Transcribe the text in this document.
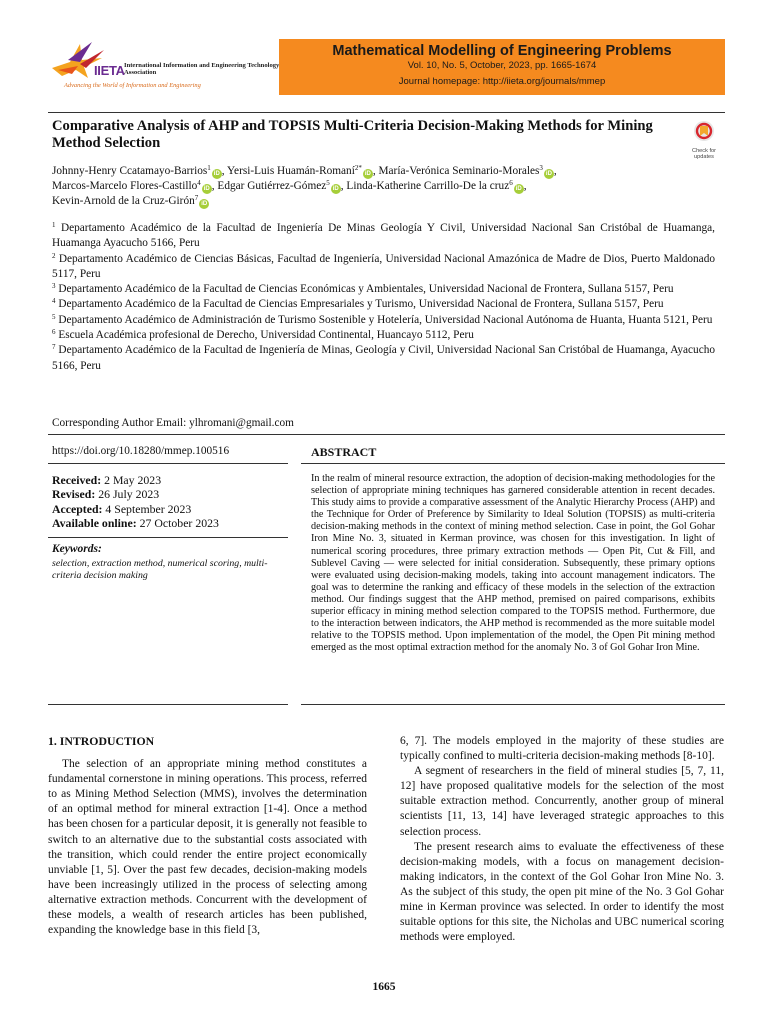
IIETA International Information and Engineering Technology Association
Advancing the World of Information and Engineering
Mathematical Modelling of Engineering Problems
Vol. 10, No. 5, October, 2023, pp. 1665-1674
Journal homepage: http://iieta.org/journals/mmep
Comparative Analysis of AHP and TOPSIS Multi-Criteria Decision-Making Methods for Mining Method Selection	Check for
updates
Johnny-Henry Ccatamayo-Barrios$^1$iD , Yersi-Luis Huamán-Romaní$^{2*}$iD , María-Verónica Seminario-Morales$^3$iD ,
Marcos-Marcelo Flores-Castillo$^4$iD , Edgar Gutiérrez-Gómez$^5$iD , Linda-Katherine Carrillo-De la cruz$^6$iD ,
Kevin-Arnold de la Cruz-Girón$^7$iD
$^1$ Departamento Académico de la Facultad de Ingeniería De Minas Geología Y Civil, Universidad Nacional San Cristóbal de Huamanga, Huamanga Ayacucho 5166, Peru
$^2$ Departamento Académico de Ciencias Básicas, Facultad de Ingeniería, Universidad Nacional Amazónica de Madre de Dios, Puerto Maldonado 5117, Peru
$^3$ Departamento Académico de la Facultad de Ciencias Económicas y Ambientales, Universidad Nacional de Frontera, Sullana 5157, Peru
$^4$ Departamento Académico de la Facultad de Ciencias Empresariales y Turismo, Universidad Nacional de Frontera, Sullana 5157, Peru
$^5$ Departamento Académico de Administración de Turismo Sostenible y Hotelería, Universidad Nacional Autónoma de Huanta, Huanta 5121, Peru
$^6$ Escuela Académica profesional de Derecho, Universidad Continental, Huancayo 5112, Peru
$^7$ Departamento Académico de la Facultad de Ingeniería de Minas, Geología y Civil, Universidad Nacional San Cristóbal de Huamanga, Ayacucho 5166, Peru
Corresponding Author Email: ylhromani@gmail.com
https://doi.org/10.18280/mmep.100516
Received: 2 May 2023
Revised: 26 July 2023
Accepted: 4 September 2023
Available online: 27 October 2023
Keywords:
selection, extraction method, numerical scoring, multi-criteria decision making
ABSTRACT
In the realm of mineral resource extraction, the adoption of decision-making methodologies for the selection of appropriate mining techniques has garnered considerable attention in recent decades. This study aims to provide a comparative assessment of the Analytic Hierarchy Process (AHP) and the Technique for Order of Preference by Similarity to Ideal Solution (TOPSIS) as multi-criteria decision-making methods in the context of mining method selection. Case in point, the Gol Gohar Iron Mine No. 3, situated in Kerman province, was chosen for this investigation. In light of numerical scoring procedures, three primary extraction methods — Open Pit, Cut & Fill, and Sublevel Caving — were selected for initial consideration. Subsequently, these primary options were evaluated using decision-making models, taking into account management indicators. The goal was to determine the ranking and efficacy of these models in the selection of the extraction method. Our findings suggest that the AHP method, premised on paired comparisons, exhibits superior efficacy in mining method selection compared to the TOPSIS method. Furthermore, due to the interaction between indicators, the AHP method is recommended as the more suitable model relative to the TOPSIS method. Upon implementation of the model, the Open Pit mining method emerged as the most optimal extraction method for the anomaly No. 3 of Gol Gohar Iron Mine.
1. INTRODUCTION

The selection of an appropriate mining method constitutes a fundamental cornerstone in mining operations. This process, referred to as Mining Method Selection (MMS), involves the determination of an optimal method for mineral extraction [1-4]. Once a method has been chosen for a particular deposit, it is generally not feasible to switch to an alternative due to the substantial costs associated with the transition, which could render the entire project economically unviable [1, 5]. Over the past few decades, decision-making models have been increasingly utilized in the process of selecting among alternative extraction methods. Concurrent with the development of these models, a wealth of research articles has been published, expanding the knowledge base in this field [3,

6, 7]. The models employed in the majority of these studies are typically confined to multi-criteria decision-making methods [8-10].

A segment of researchers in the field of mineral studies [5, 7, 11, 12] have proposed qualitative models for the selection of the most suitable extraction method. Concurrently, another group of mineral scientists [11, 13, 14] have leveraged strategic approaches to this selection process.

The present research aims to evaluate the effectiveness of these decision-making models, with a focus on management decision-making indicators, in the context of the Gol Gohar Iron Mine No. 3. As the subject of this study, the open pit mine of the No. 3 Gol Gohar mine in Kerman province was selected. In order to identify the most suitable options for this site, the Nicholas and UBC numerical scoring methods were employed.

1665
